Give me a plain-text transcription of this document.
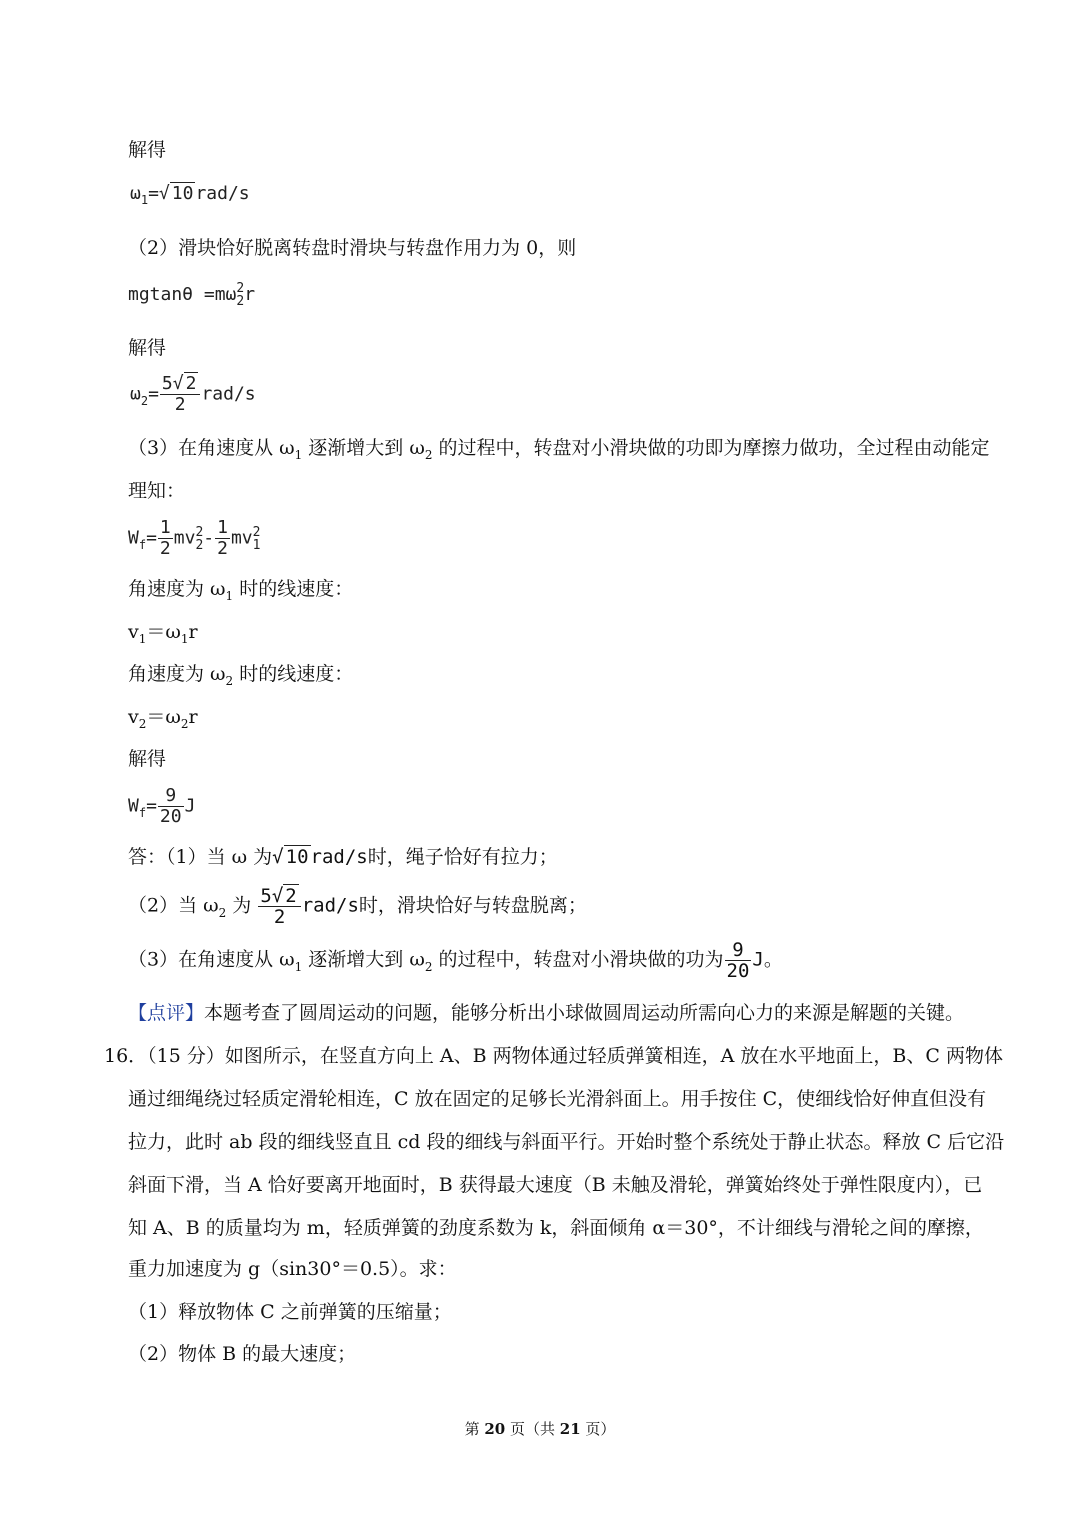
解得
$\omega_1=√$ 10 rad/s
（2）滑块恰好脱离转盘时滑块与转盘作用力为 0，则
mgtanθ =mω 2
2 r
解得
$\omega_2= \frac{5√ 2}{2} rad/s$
（3）在角速度从 $\omega_1$ 逐渐增大到 $\omega_2$ 的过程中，转盘对小滑块做的功即为摩擦力做功，全过程由动能定
理知：
$W_f= \frac{1}{2}$ mv 2
$2 - \frac{1}{2}$ mv 2
1
角速度为 $\omega_1$ 时的线速度：
$v_1=\omega_1r$
角速度为 $\omega_2$ 时的线速度：
$v_2=\omega_2r$
解得
$W_f= \frac{9}{20}$ J
答：（1）当 ω 为√ 10 rad/s时，绳子恰好有拉力；
（2）当 $\omega_2$ 为 $\frac{5√ 2}{2} rad/s$时，滑块恰好与转盘脱离；
（3）在角速度从 $\omega_1$ 逐渐增大到 $\omega_2$ 的过程中，转盘对小滑块做的功为 $\frac{9}{20}$ J。
【点评】本题考查了圆周运动的问题，能够分析出小球做圆周运动所需向心力的来源是解题的关键。
16．（15 分）如图所示，在竖直方向上 A、B 两物体通过轻质弹簧相连，A 放在水平地面上，B、C 两物体
通过细绳绕过轻质定滑轮相连，C 放在固定的足够长光滑斜面上。用手按住 C，使细线恰好伸直但没有
拉力，此时 ab 段的细线竖直且 cd 段的细线与斜面平行。开始时整个系统处于静止状态。释放 C 后它沿
斜面下滑，当 A 恰好要离开地面时，B 获得最大速度（B 未触及滑轮，弹簧始终处于弹性限度内），已
知 A、B 的质量均为 m，轻质弹簧的劲度系数为 k，斜面倾角 α＝30°，不计细线与滑轮之间的摩擦，
重力加速度为 g（sin30°＝0.5）。求：
（1）释放物体 C 之前弹簧的压缩量；
（2）物体 B 的最大速度；
第 20 页（共 21 页）
